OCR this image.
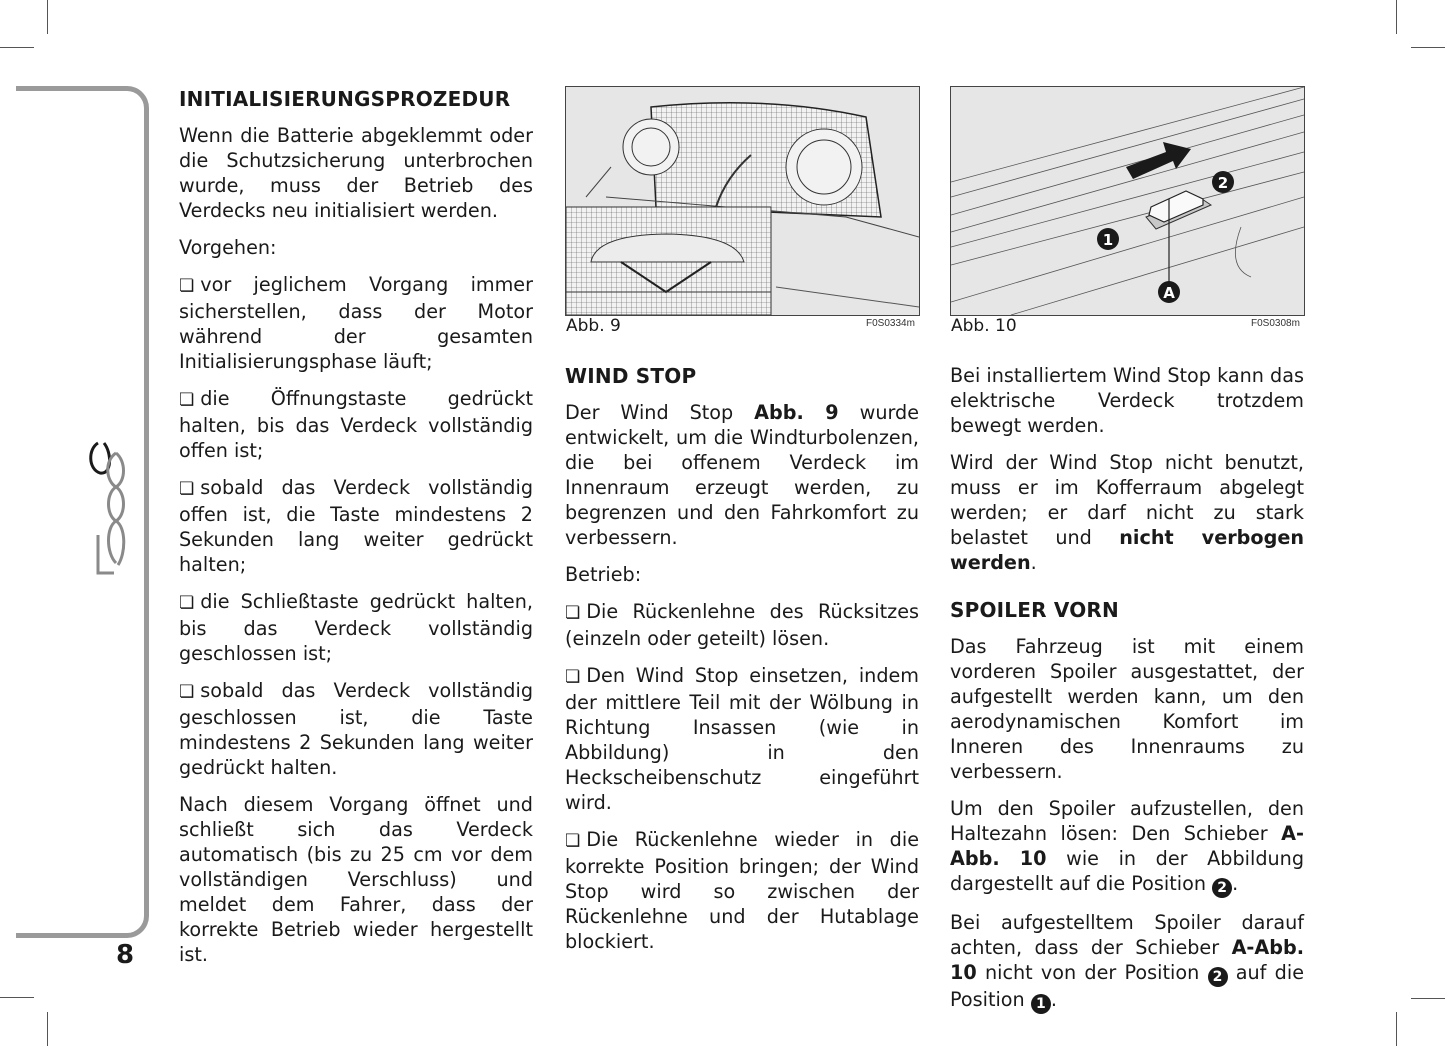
8
INITIALISIERUNGSPROZEDUR

Wenn die Batterie abgeklemmt oder die Schutzsicherung unterbrochen wurde, muss der Betrieb des Verdecks neu initialisiert werden.

Vorgehen:

❏ vor jeglichem Vorgang immer sicherstellen, dass der Motor während der gesamten Initialisierungsphase läuft;

❏ die Öffnungstaste gedrückt halten, bis das Verdeck vollständig offen ist;

❏ sobald das Verdeck vollständig offen ist, die Taste mindestens 2 Sekunden lang weiter gedrückt halten;

❏ die Schließtaste gedrückt halten, bis das Verdeck vollständig geschlossen ist;

❏ sobald das Verdeck vollständig geschlossen ist, die Taste mindestens 2 Sekunden lang weiter gedrückt halten.

Nach diesem Vorgang öffnet und schließt sich das Verdeck automatisch (bis zu 25 cm vor dem vollständigen Verschluss) und meldet dem Fahrer, dass der korrekte Betrieb wieder hergestellt ist.

Abb. 9	F0S0334m
1
2
A
Abb. 10	F0S0308m
WIND STOP

Der Wind Stop Abb. 9 wurde entwickelt, um die Windturbolenzen, die bei offenem Verdeck im Innenraum erzeugt werden, zu begrenzen und den Fahrkomfort zu verbessern.

Betrieb:

❏ Die Rückenlehne des Rücksitzes (einzeln oder geteilt) lösen.

❏ Den Wind Stop einsetzen, indem der mittlere Teil mit der Wölbung in Richtung Insassen (wie in Abbildung) in den Heckscheibenschutz eingeführt wird.

❏ Die Rückenlehne wieder in die korrekte Position bringen; der Wind Stop wird so zwischen der Rückenlehne und der Hutablage blockiert.

Bei installiertem Wind Stop kann das elektrische Verdeck trotzdem bewegt werden.

Wird der Wind Stop nicht benutzt, muss er im Kofferraum abgelegt werden; er darf nicht zu stark belastet und nicht verbogen werden.

SPOILER VORN

Das Fahrzeug ist mit einem vorderen Spoiler ausgestattet, der aufgestellt werden kann, um den aerodynamischen Komfort im Inneren des Innenraums zu verbessern.

Um den Spoiler aufzustellen, den Haltezahn lösen: Den Schieber A-Abb. 10 wie in der Abbildung dargestellt auf die Position 2 .

Bei aufgestelltem Spoiler darauf achten, dass der Schieber A-Abb. 10 nicht von der Position 2 auf die Position 1 .
